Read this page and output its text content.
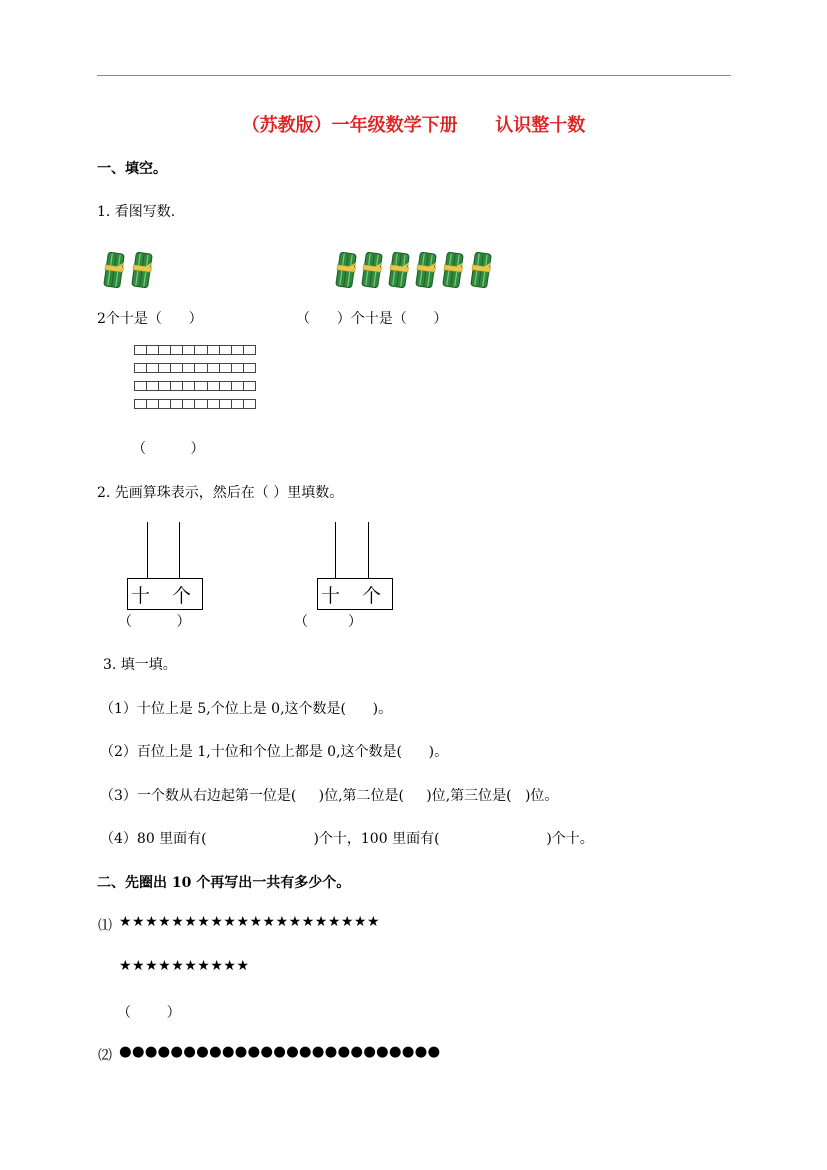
（苏教版）一年级数学下册      认识整十数
一、填空。
1. 看图写数.
2个十是（      ）	（      ）个十是（      ）
（          ）
2. 先画算珠表示，然后在（ ）里填数。
十 个	十 个
（          ）	（         ）
3. 填一填。
（1）十位上是 5,个位上是 0,这个数是(      )。
（2）百位上是 1,十位和个位上都是 0,这个数是(      )。
（3）一个数从右边起第一位是(     )位,第二位是(     )位,第三位是(   )位。
（4）80 里面有(                        )个十，100 里面有(                        )个十。
二、先圈出 10 个再写出一共有多少个。
⑴ ★★★★★★★★★★★★★★★★★★★★
★★★★★★★★★★
（        ）
⑵ ●●●●●●●●●●●●●●●●●●●●●●●●●
